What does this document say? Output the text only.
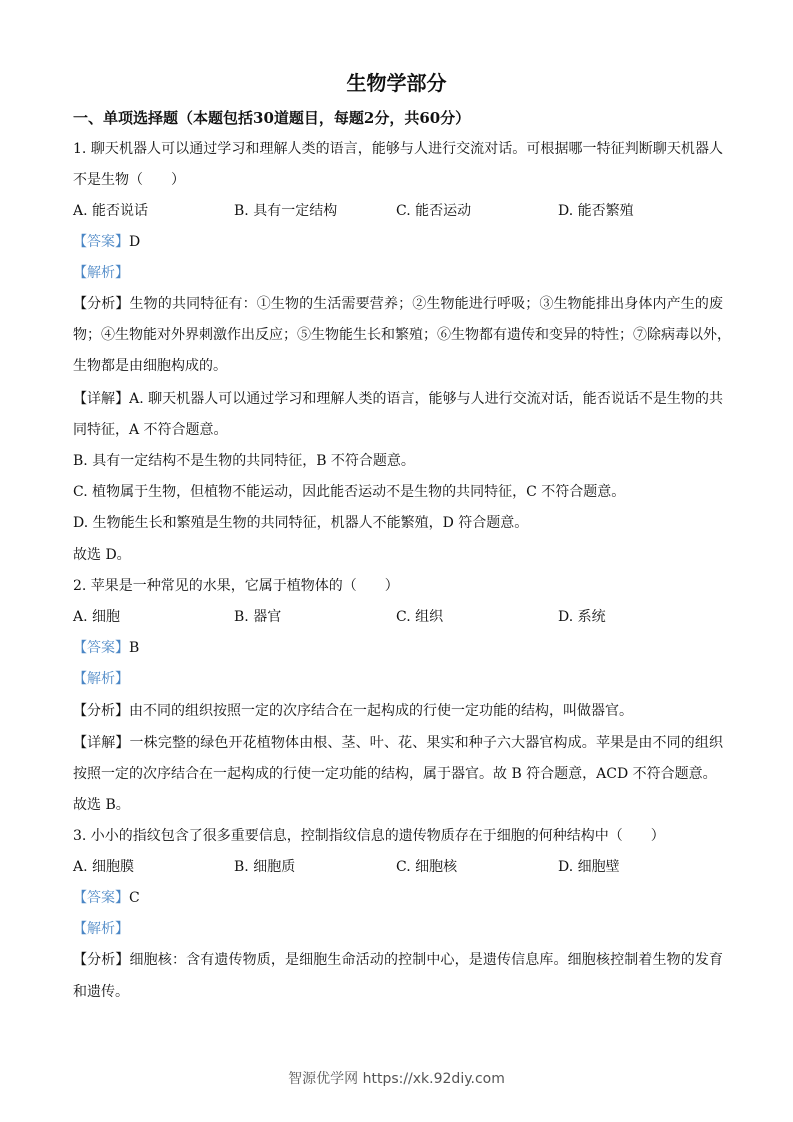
生物学部分
一、单项选择题（本题包括30道题目，每题2分，共60分）
1. 聊天机器人可以通过学习和理解人类的语言，能够与人进行交流对话。可根据哪一特征判断聊天机器人
不是生物（　　）
A. 能否说话	B. 具有一定结构	C. 能否运动	D. 能否繁殖
【答案】D
【解析】
【分析】生物的共同特征有：①生物的生活需要营养；②生物能进行呼吸；③生物能排出身体内产生的废
物；④生物能对外界刺激作出反应；⑤生物能生长和繁殖；⑥生物都有遗传和变异的特性；⑦除病毒以外，
生物都是由细胞构成的。
【详解】A. 聊天机器人可以通过学习和理解人类的语言，能够与人进行交流对话，能否说话不是生物的共
同特征，A 不符合题意。
B. 具有一定结构不是生物的共同特征，B 不符合题意。
C. 植物属于生物，但植物不能运动，因此能否运动不是生物的共同特征，C 不符合题意。
D. 生物能生长和繁殖是生物的共同特征，机器人不能繁殖，D 符合题意。
故选 D。
2. 苹果是一种常见的水果，它属于植物体的（　　）
A. 细胞	B. 器官	C. 组织	D. 系统
【答案】B
【解析】
【分析】由不同的组织按照一定的次序结合在一起构成的行使一定功能的结构，叫做器官。
【详解】一株完整的绿色开花植物体由根、茎、叶、花、果实和种子六大器官构成。苹果是由不同的组织
按照一定的次序结合在一起构成的行使一定功能的结构，属于器官。故 B 符合题意，ACD 不符合题意。
故选 B。
3. 小小的指纹包含了很多重要信息，控制指纹信息的遗传物质存在于细胞的何种结构中（　　）
A. 细胞膜	B. 细胞质	C. 细胞核	D. 细胞壁
【答案】C
【解析】
【分析】细胞核：含有遗传物质，是细胞生命活动的控制中心，是遗传信息库。细胞核控制着生物的发育
和遗传。
智源优学网 https://xk.92diy.com
